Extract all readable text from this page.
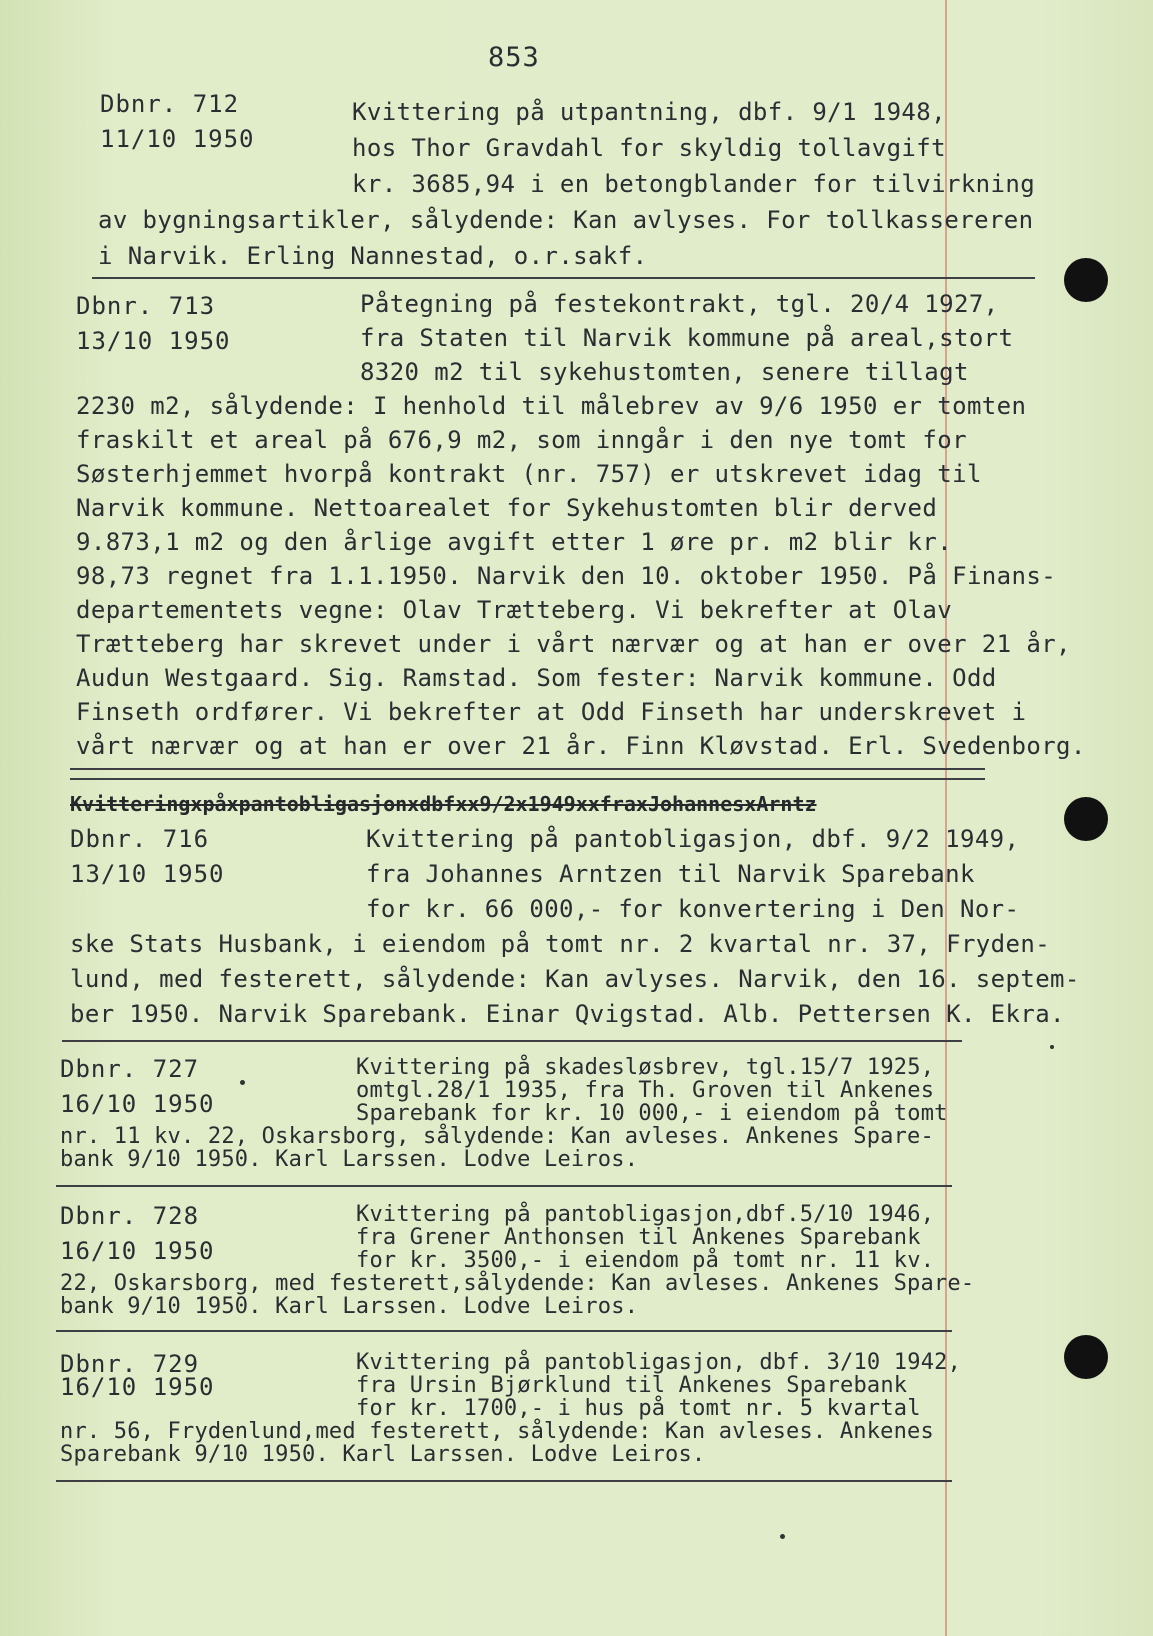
853
Dbnr. 712
11/10 1950
Kvittering på utpantning, dbf. 9/1 1948,
hos Thor Gravdahl for skyldig tollavgift
kr. 3685,94 i en betongblander for tilvirkning
av bygningsartikler, sålydende: Kan avlyses. For tollkassereren
i Narvik. Erling Nannestad, o.r.sakf.
Dbnr. 713
13/10 1950
Påtegning på festekontrakt, tgl. 20/4 1927,
fra Staten til Narvik kommune på areal,stort
8320 m2 til sykehustomten, senere tillagt
2230 m2, sålydende: I henhold til målebrev av 9/6 1950 er tomten
fraskilt et areal på 676,9 m2, som inngår i den nye tomt for
Søsterhjemmet hvorpå kontrakt (nr. 757) er utskrevet idag til
Narvik kommune. Nettoarealet for Sykehustomten blir derved
9.873,1 m2 og den årlige avgift etter 1 øre pr. m2 blir kr.
98,73 regnet fra 1.1.1950. Narvik den 10. oktober 1950. På Finans-
departementets vegne: Olav Trætteberg. Vi bekrefter at Olav
Trætteberg har skrevet under i vårt nærvær og at han er over 21 år,
Audun Westgaard. Sig. Ramstad. Som fester: Narvik kommune. Odd
Finseth ordfører. Vi bekrefter at Odd Finseth har underskrevet i
vårt nærvær og at han er over 21 år. Finn Kløvstad. Erl. Svedenborg.
Kvitteringxpåxpantobligasjonxdbfxx9/2x1949xxfraxJohannesxArntz
Dbnr. 716
13/10 1950
Kvittering på pantobligasjon, dbf. 9/2 1949,
fra Johannes Arntzen til Narvik Sparebank
for kr. 66 000,- for konvertering i Den Nor-
ske Stats Husbank, i eiendom på tomt nr. 2 kvartal nr. 37, Fryden-
lund, med festerett, sålydende: Kan avlyses. Narvik, den 16. septem-
ber 1950. Narvik Sparebank. Einar Qvigstad. Alb. Pettersen K. Ekra.
Dbnr. 727
16/10 1950
Kvittering på skadesløsbrev, tgl.15/7 1925,
omtgl.28/1 1935, fra Th. Groven til Ankenes
Sparebank for kr. 10 000,- i eiendom på tomt
nr. 11 kv. 22, Oskarsborg, sålydende: Kan avleses. Ankenes Spare-
bank 9/10 1950. Karl Larssen. Lodve Leiros.
Dbnr. 728
16/10 1950
Kvittering på pantobligasjon,dbf.5/10 1946,
fra Grener Anthonsen til Ankenes Sparebank
for kr. 3500,- i eiendom på tomt nr. 11 kv.
22, Oskarsborg, med festerett,sålydende: Kan avleses. Ankenes Spare-
bank 9/10 1950. Karl Larssen. Lodve Leiros.
Dbnr. 729
16/10 1950
Kvittering på pantobligasjon, dbf. 3/10 1942,
fra Ursin Bjørklund til Ankenes Sparebank
for kr. 1700,- i hus på tomt nr. 5 kvartal
nr. 56, Frydenlund,med festerett, sålydende: Kan avleses. Ankenes
Sparebank 9/10 1950. Karl Larssen. Lodve Leiros.
